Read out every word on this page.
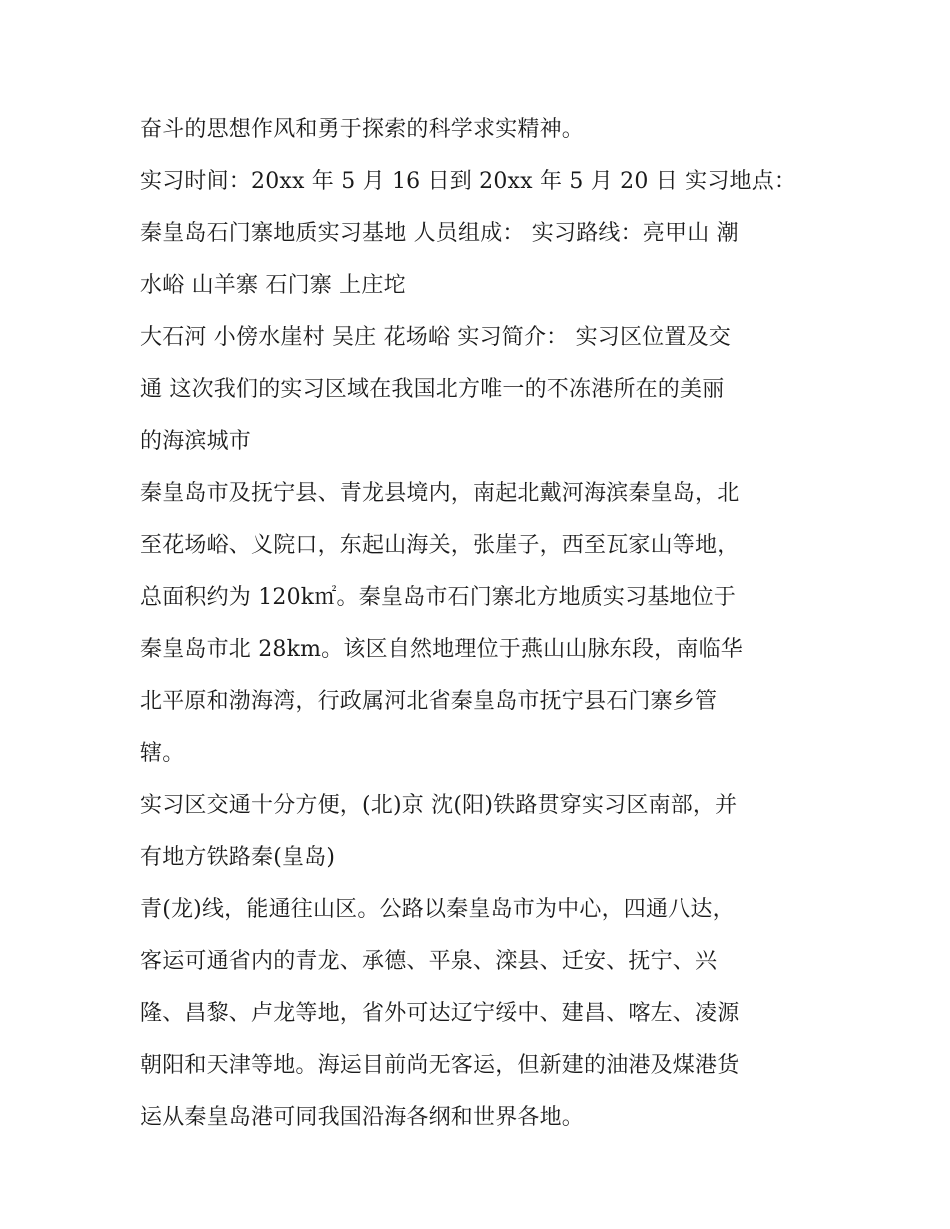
奋斗的思想作风和勇于探索的科学求实精神。
实习时间：20xx 年 5 月 16 日到 20xx 年 5 月 20 日 实习地点：
秦皇岛石门寨地质实习基地 人员组成： 实习路线：亮甲山 潮
水峪 山羊寨 石门寨 上庄坨
大石河 小傍水崖村 吴庄 花场峪 实习简介： 实习区位置及交
通 这次我们的实习区域在我国北方唯一的不冻港所在的美丽
的海滨城市
秦皇岛市及抚宁县、青龙县境内，南起北戴河海滨秦皇岛，北
至花场峪、义院口，东起山海关，张崖子，西至瓦家山等地，
总面积约为 120k㎡。秦皇岛市石门寨北方地质实习基地位于
秦皇岛市北 28km。该区自然地理位于燕山山脉东段，南临华
北平原和渤海湾，行政属河北省秦皇岛市抚宁县石门寨乡管
辖。
实习区交通十分方便，(北)京 沈(阳)铁路贯穿实习区南部，并
有地方铁路秦(皇岛)
青(龙)线，能通往山区。公路以秦皇岛市为中心，四通八达，
客运可通省内的青龙、承德、平泉、滦县、迁安、抚宁、兴
隆、昌黎、卢龙等地，省外可达辽宁绥中、建昌、喀左、凌源
朝阳和天津等地。海运目前尚无客运，但新建的油港及煤港货
运从秦皇岛港可同我国沿海各纲和世界各地。
